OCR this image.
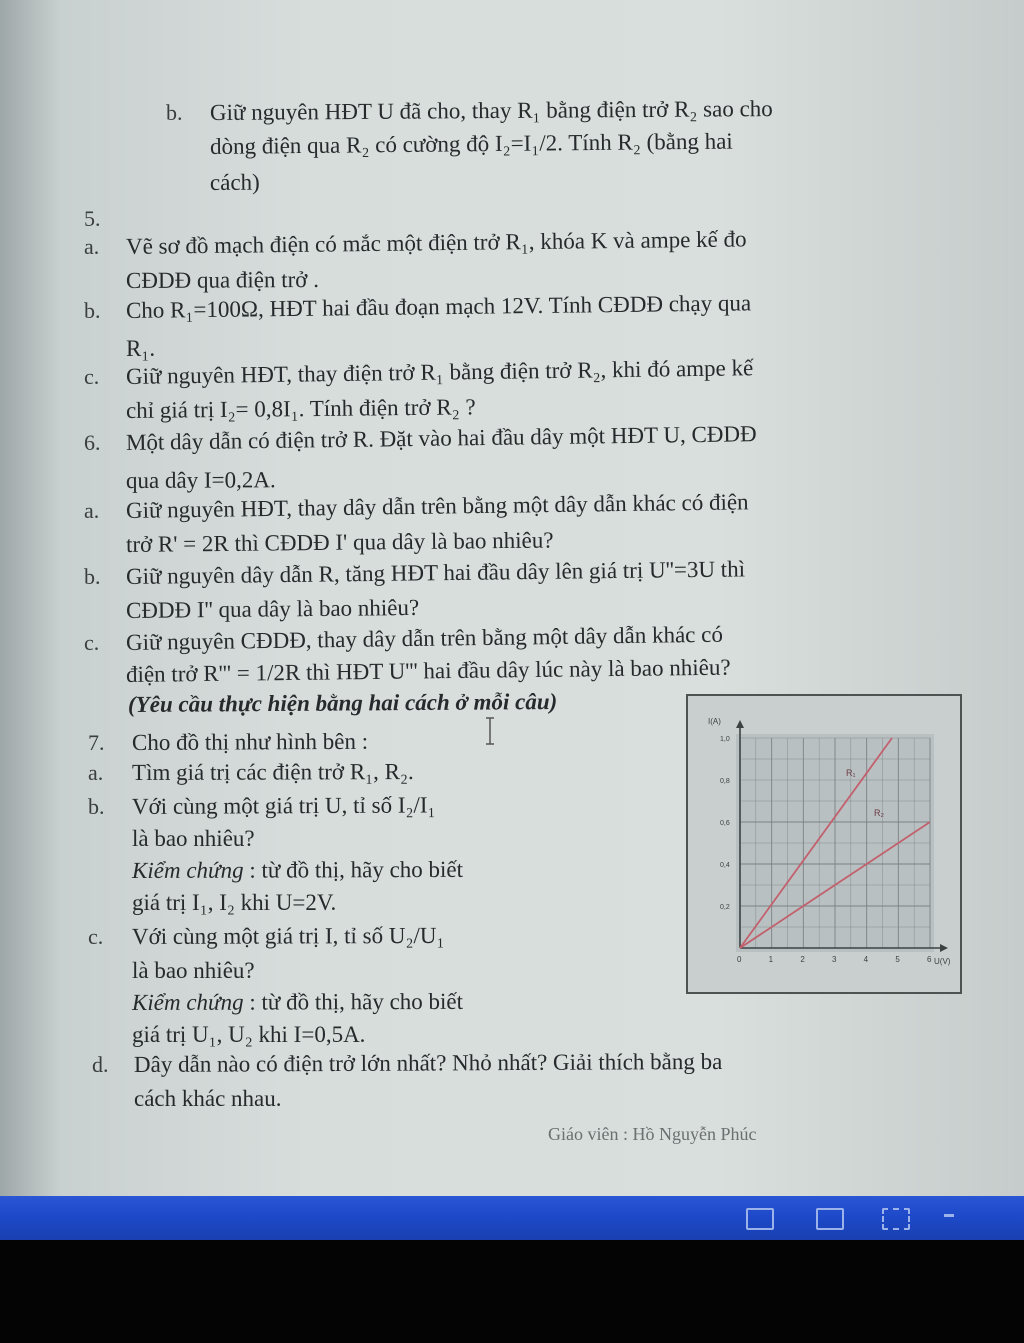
b. Giữ nguyên HĐT U đã cho, thay R₁ bằng điện trở R₂ sao cho
dòng điện qua R₂ có cường độ I₂=I₁/2. Tính R₂ (bằng hai
cách)
5.
a. Vẽ sơ đồ mạch điện có mắc một điện trở R₁, khóa K và ampe kế đo
CĐDĐ qua điện trở .
b. Cho R₁=100Ω, HĐT hai đầu đoạn mạch 12V. Tính CĐDĐ chạy qua
R₁.
c. Giữ nguyên HĐT, thay điện trở R₁ bằng điện trở R₂, khi đó ampe kế
chỉ giá trị I₂= 0,8I₁. Tính điện trở R₂ ?
6. Một dây dẫn có điện trở R. Đặt vào hai đầu dây một HĐT U, CĐDĐ
qua dây I=0,2A.
a. Giữ nguyên HĐT, thay dây dẫn trên bằng một dây dẫn khác có điện
trở R' = 2R thì CĐDĐ I' qua dây là bao nhiêu?
b. Giữ nguyên dây dẫn R, tăng HĐT hai đầu dây lên giá trị U''=3U thì
CĐDĐ I'' qua dây là bao nhiêu?
c. Giữ nguyên CĐDĐ, thay dây dẫn trên bằng một dây dẫn khác có
điện trở R''' = 1/2R thì HĐT U''' hai đầu dây lúc này là bao nhiêu?
(Yêu cầu thực hiện bằng hai cách ở mỗi câu)
7. Cho đồ thị như hình bên :
a. Tìm giá trị các điện trở R₁, R₂.
b. Với cùng một giá trị U, tỉ số I₂/I₁
là bao nhiêu?
Kiểm chứng : từ đồ thị, hãy cho biết
giá trị I₁, I₂ khi U=2V.
c. Với cùng một giá trị I, tỉ số U₂/U₁
là bao nhiêu?
Kiểm chứng : từ đồ thị, hãy cho biết
giá trị U₁, U₂ khi I=0,5A.
d. Dây dẫn nào có điện trở lớn nhất? Nhỏ nhất? Giải thích bằng ba
cách khác nhau.
R₁
R₂
0	1	2	3	4	5	6
0,2
0,4
0,6
0,8
1,0
U(V)
I(A)
Giáo viên : Hồ Nguyễn Phúc
